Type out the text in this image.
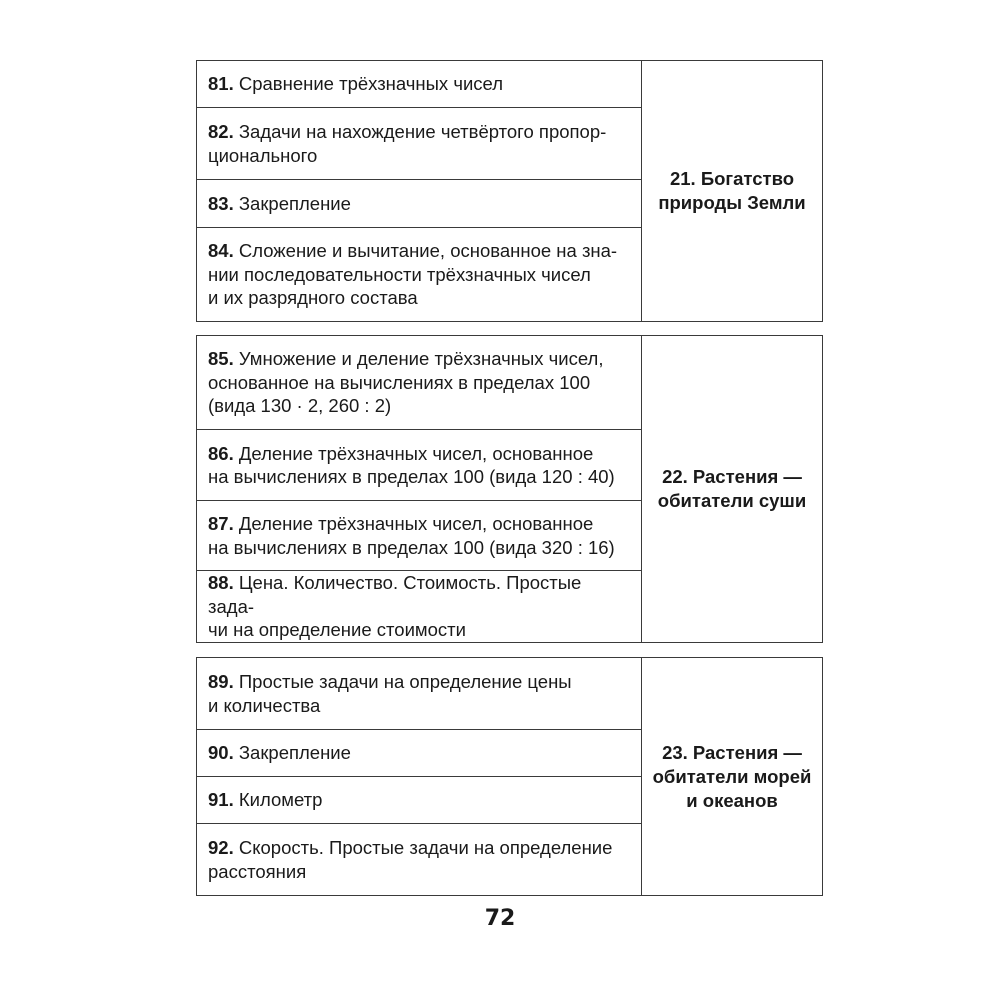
81. Сравнение трёхзначных чисел
82. Задачи на нахождение четвёртого пропор-
ционального
83. Закрепление
84. Сложение и вычитание, основанное на зна-
нии последовательности трёхзначных чисел
и их разрядного состава
21. Богатство
природы Земли
85. Умножение и деление трёхзначных чисел,
основанное на вычислениях в пределах 100
(вида 130 · 2, 260 : 2)
86. Деление трёхзначных чисел, основанное
на вычислениях в пределах 100 (вида 120 : 40)
87. Деление трёхзначных чисел, основанное
на вычислениях в пределах 100 (вида 320 : 16)
88. Цена. Количество. Стоимость. Простые зада-
чи на определение стоимости
22. Растения —
обитатели суши
89. Простые задачи на определение цены
и количества
90. Закрепление
91. Километр
92. Скорость. Простые задачи на определение
расстояния
23. Растения —
обитатели морей
и океанов
72
